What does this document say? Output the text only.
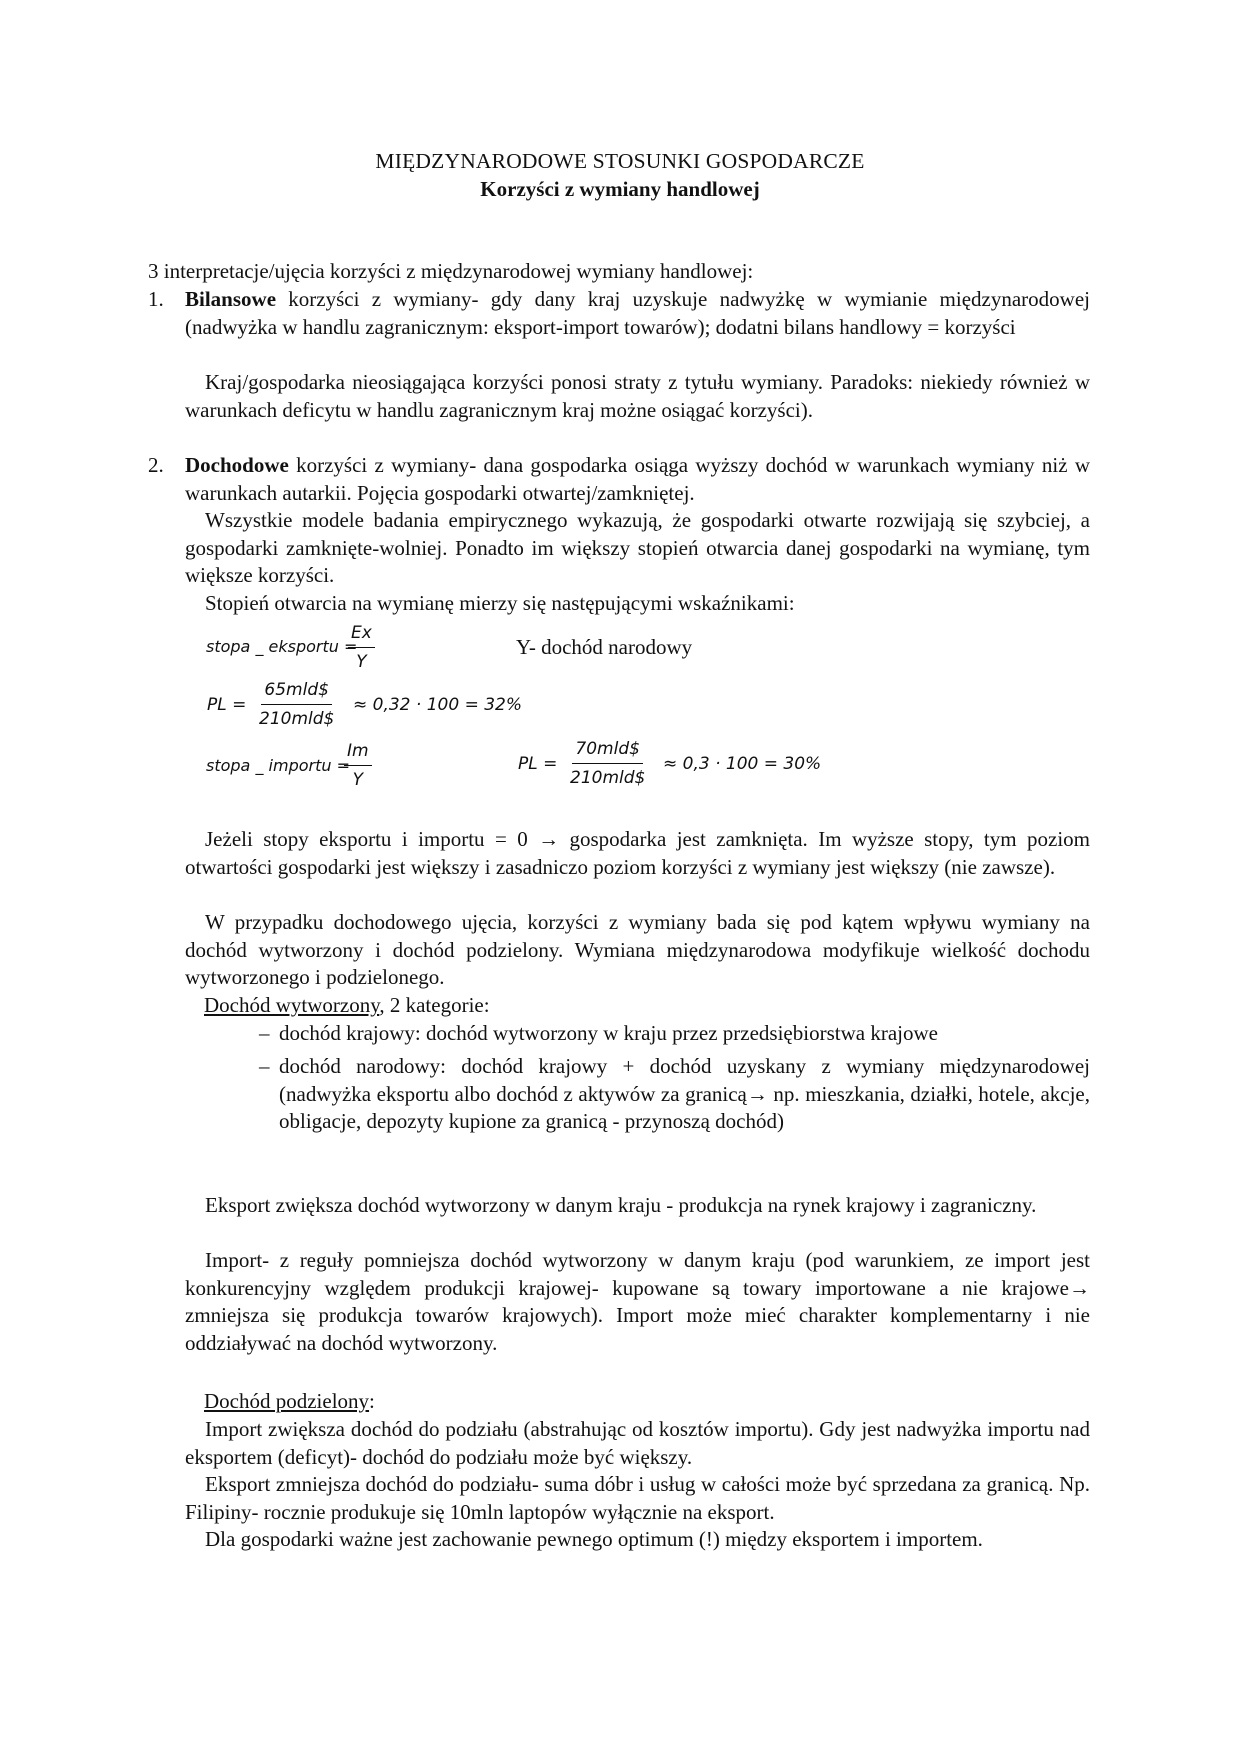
MIĘDZYNARODOWE STOSUNKI GOSPODARCZE
Korzyści z wymiany handlowej
3 interpretacje/ujęcia korzyści z międzynarodowej wymiany handlowej:
1. Bilansowe korzyści z wymiany- gdy dany kraj uzyskuje nadwyżkę w wymianie międzynarodowej (nadwyżka w handlu zagranicznym: eksport-import towarów); dodatni bilans handlowy = korzyści
Kraj/gospodarka nieosiągająca korzyści ponosi straty z tytułu wymiany. Paradoks: niekiedy również w warunkach deficytu w handlu zagranicznym kraj możne osiągać korzyści).
2. Dochodowe korzyści z wymiany- dana gospodarka osiąga wyższy dochód w warunkach wymiany niż w warunkach autarkii. Pojęcia gospodarki otwartej/zamkniętej.
Wszystkie modele badania empirycznego wykazują, że gospodarki otwarte rozwijają się szybciej, a gospodarki zamknięte-wolniej. Ponadto im większy stopień otwarcia danej gospodarki na wymianę, tym większe korzyści.
Stopień otwarcia na wymianę mierzy się następującymi wskaźnikami:
stopa _ eksportu =
$\frac{Ex}{Y}$	Y- dochód narodowy
PL =
65mld$
210mld$
≈ 0,32 · 100 = 32%
stopa _ importu =
$\frac{Im}{Y}$	PL =
70mld$
210mld$
≈ 0,3 · 100 = 30%
Jeżeli stopy eksportu i importu = 0 → gospodarka jest zamknięta. Im wyższe stopy, tym poziom otwartości gospodarki jest większy i zasadniczo poziom korzyści z wymiany jest większy (nie zawsze).
W przypadku dochodowego ujęcia, korzyści z wymiany bada się pod kątem wpływu wymiany na dochód wytworzony i dochód podzielony. Wymiana międzynarodowa modyfikuje wielkość dochodu wytworzonego i podzielonego.
Dochód wytworzony, 2 kategorie:
– dochód krajowy: dochód wytworzony w kraju przez przedsiębiorstwa krajowe
– dochód narodowy: dochód krajowy + dochód uzyskany z wymiany międzynarodowej (nadwyżka eksportu albo dochód z aktywów za granicą→ np. mieszkania, działki, hotele, akcje, obligacje, depozyty kupione za granicą - przynoszą dochód)
Eksport zwiększa dochód wytworzony w danym kraju - produkcja na rynek krajowy i zagraniczny.
Import- z reguły pomniejsza dochód wytworzony w danym kraju (pod warunkiem, ze import jest konkurencyjny względem produkcji krajowej- kupowane są towary importowane a nie krajowe→ zmniejsza się produkcja towarów krajowych). Import może mieć charakter komplementarny i nie oddziaływać na dochód wytworzony.
Dochód podzielony:
Import zwiększa dochód do podziału (abstrahując od kosztów importu). Gdy jest nadwyżka importu nad eksportem (deficyt)- dochód do podziału może być większy.
Eksport zmniejsza dochód do podziału- suma dóbr i usług w całości może być sprzedana za granicą. Np. Filipiny- rocznie produkuje się 10mln laptopów wyłącznie na eksport.
Dla gospodarki ważne jest zachowanie pewnego optimum (!) między eksportem i importem.
